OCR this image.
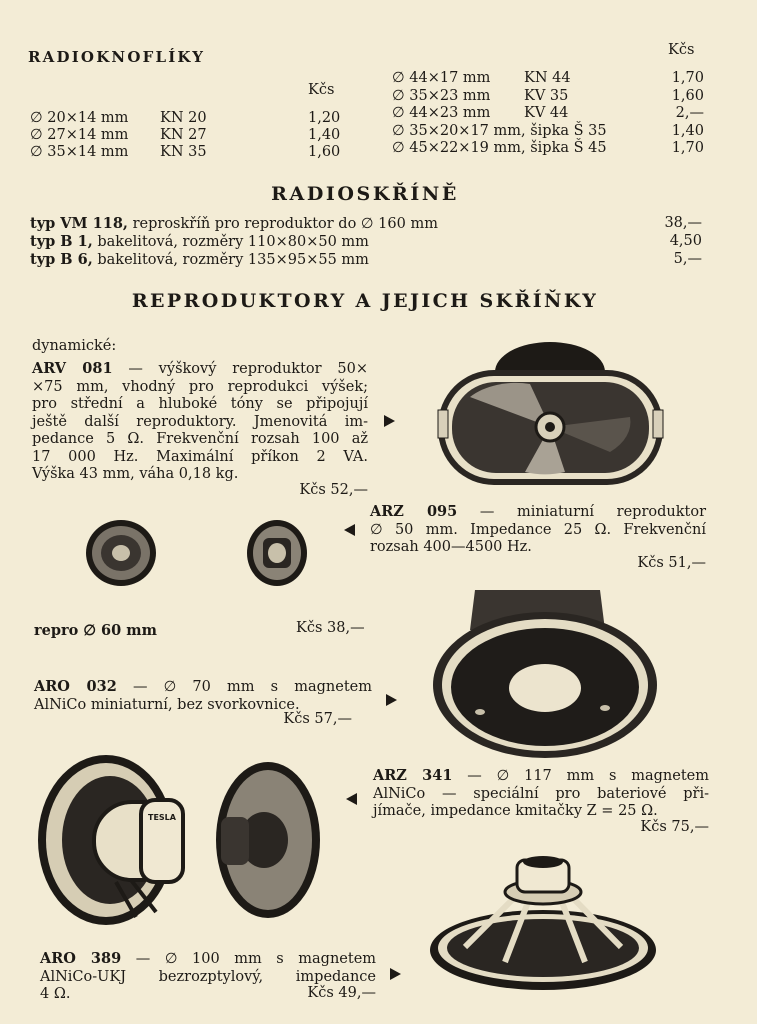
RADIOKNOFLÍKY
Kčs
Kčs
∅ 20×14 mm KN 20	1,20
∅ 27×14 mm KN 27	1,40
∅ 35×14 mm KN 35	1,60
∅ 44×17 mm KN 44	1,70
∅ 35×23 mm KV 35	1,60
∅ 44×23 mm KV 44	2,—
∅ 35×20×17 mm, šipka Š 35	1,40
∅ 45×22×19 mm, šipka Š 45	1,70
RADIOSKŘÍNĚ
typ VM 118, reproskříň pro reproduktor do ∅ 160 mm	38,—
typ B 1, bakelitová, rozměry 110×80×50 mm	4,50
typ B 6, bakelitová, rozměry 135×95×55 mm	5,—
REPRODUKTORY A JEJICH SKŘÍŇKY
dynamické:
ARV 081 — výškový reproduktor 50×
×75 mm, vhodný pro reprodukci výšek;
pro střední a hluboké tóny se připojují
ještě další reproduktory. Jmenovitá im-
pedance 5 Ω. Frekvenční rozsah 100 až
17 000 Hz. Maximální příkon 2 VA.
Výška 43 mm, váha 0,18 kg.
Kčs 52,—
ARZ 095 — miniaturní reproduktor
∅ 50 mm. Impedance 25 Ω. Frekvenční
rozsah 400—4500 Hz.
Kčs 51,—
repro ∅ 60 mm	Kčs 38,—
ARO 032 — ∅ 70 mm s magnetem
AlNiCo miniaturní, bez svorkovnice.
Kčs 57,—
ARZ 341 — ∅ 117 mm s magnetem
AlNiCo — speciální pro bateriové při-
jímače, impedance kmitačky Z = 25 Ω.
Kčs 75,—
TESLA
ARO 389 — ∅ 100 mm s magnetem
AlNiCo-UKJ bezrozptylový, impedance
4 Ω.	Kčs 49,—
